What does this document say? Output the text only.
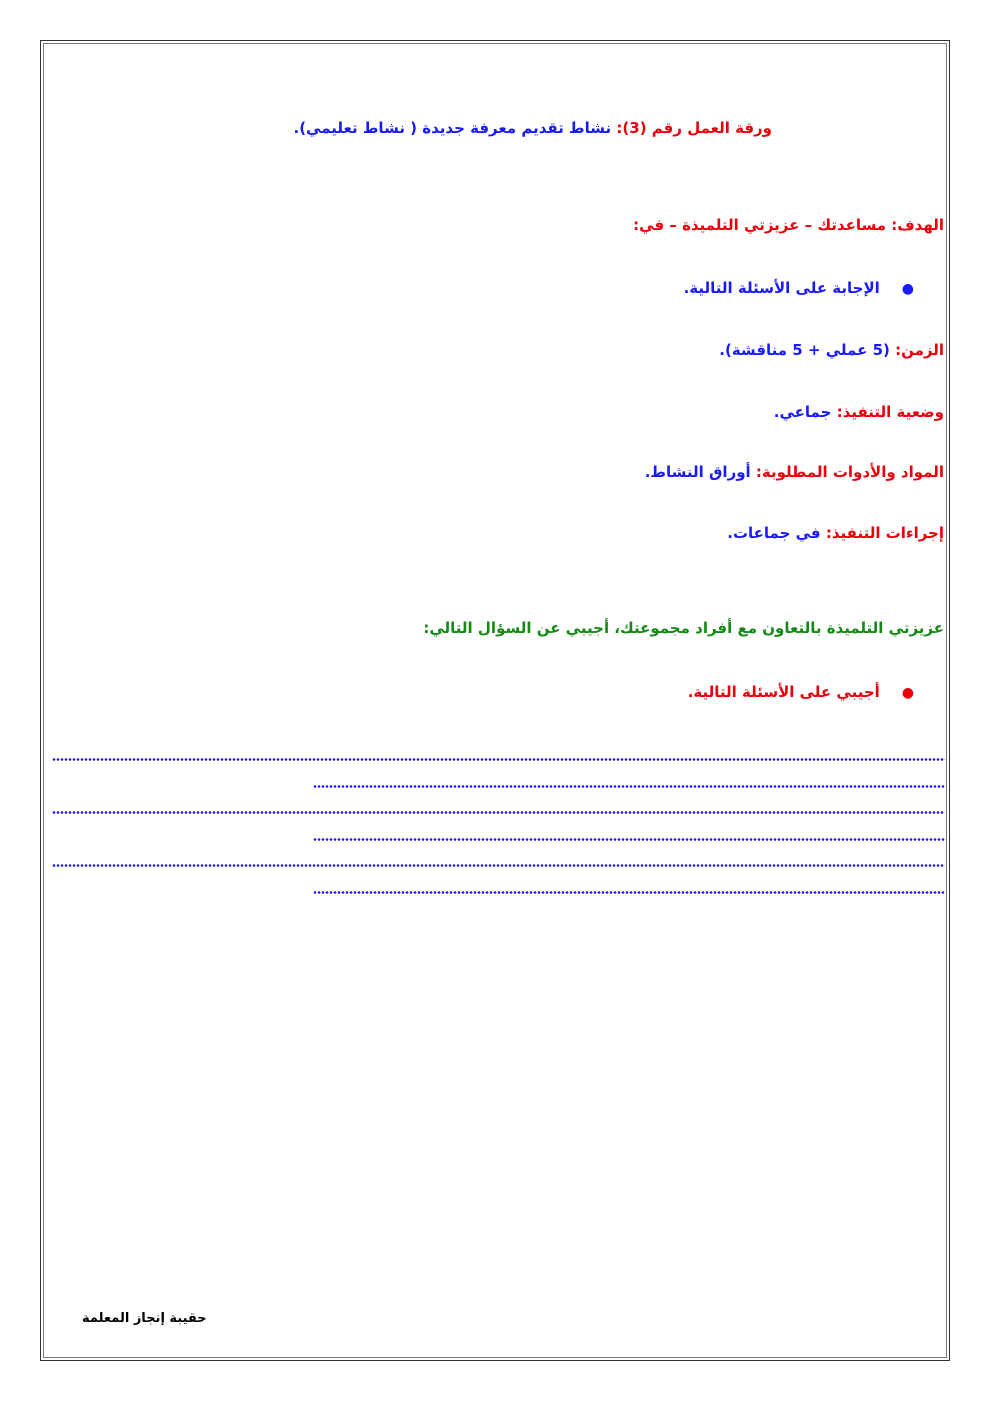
ورقة العمل رقم (3): نشاط تقديم معرفة جديدة ( نشاط تعليمي).
الهدف: مساعدتك – عزيزتي التلميذة – في:
●الإجابة على الأسئلة التالية.
الزمن: (5 عملي + 5 مناقشة).
وضعية التنفيذ: جماعي.
المواد والأدوات المطلوبة: أوراق النشاط.
إجراءات التنفيذ: في جماعات.
عزيزتي التلميذة بالتعاون مع أفراد مجموعتك، أجيبي عن السؤال التالي:
●أجيبي على الأسئلة التالية.
حقيبة إنجاز المعلمة
